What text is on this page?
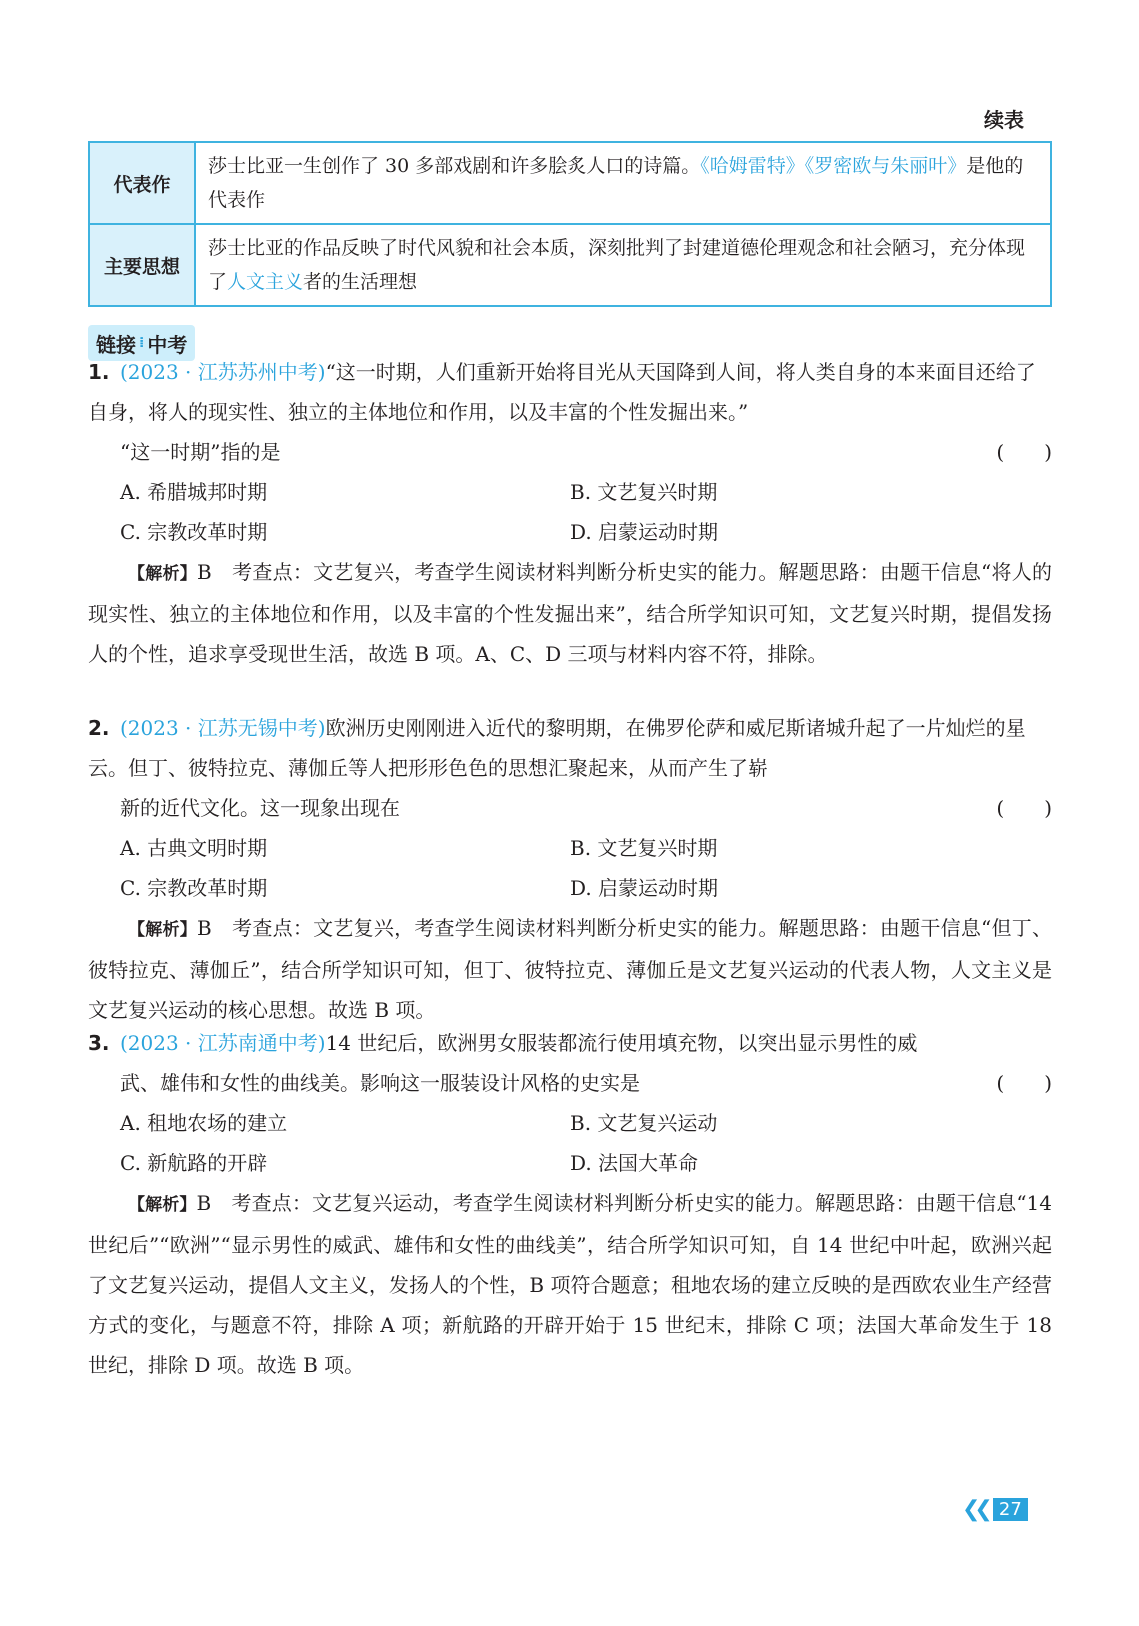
续表
代表作	莎士比亚一生创作了 30 多部戏剧和许多脍炙人口的诗篇。《哈姆雷特》《罗密欧与朱丽叶》是他的代表作
主要思想	莎士比亚的作品反映了时代风貌和社会本质，深刻批判了封建道德伦理观念和社会陋习，充分体现了人文主义者的生活理想
链接 ⁞ 中考
1. (2023 · 江苏苏州中考)“这一时期，人们重新开始将目光从天国降到人间，将人类自身的本来面目还给了自身，将人的现实性、独立的主体地位和作用，以及丰富的个性发掘出来。”
“这一时期”指的是	(　　)
A. 希腊城邦时期	B. 文艺复兴时期
C. 宗教改革时期	D. 启蒙运动时期
【解析】B　考查点：文艺复兴，考查学生阅读材料判断分析史实的能力。解题思路：由题干信息“将人的现实性、独立的主体地位和作用，以及丰富的个性发掘出来”，结合所学知识可知，文艺复兴时期，提倡发扬人的个性，追求享受现世生活，故选 B 项。A、C、D 三项与材料内容不符，排除。
2. (2023 · 江苏无锡中考)欧洲历史刚刚进入近代的黎明期，在佛罗伦萨和威尼斯诸城升起了一片灿烂的星云。但丁、彼特拉克、薄伽丘等人把形形色色的思想汇聚起来，从而产生了崭
新的近代文化。这一现象出现在	(　　)
A. 古典文明时期	B. 文艺复兴时期
C. 宗教改革时期	D. 启蒙运动时期
【解析】B　考查点：文艺复兴，考查学生阅读材料判断分析史实的能力。解题思路：由题干信息“但丁、彼特拉克、薄伽丘”，结合所学知识可知，但丁、彼特拉克、薄伽丘是文艺复兴运动的代表人物，人文主义是文艺复兴运动的核心思想。故选 B 项。
3. (2023 · 江苏南通中考)14 世纪后，欧洲男女服装都流行使用填充物，以突出显示男性的威
武、雄伟和女性的曲线美。影响这一服装设计风格的史实是	(　　)
A. 租地农场的建立	B. 文艺复兴运动
C. 新航路的开辟	D. 法国大革命
【解析】B　考查点：文艺复兴运动，考查学生阅读材料判断分析史实的能力。解题思路：由题干信息“14 世纪后”“欧洲”“显示男性的威武、雄伟和女性的曲线美”，结合所学知识可知，自 14 世纪中叶起，欧洲兴起了文艺复兴运动，提倡人文主义，发扬人的个性，B 项符合题意；租地农场的建立反映的是西欧农业生产经营方式的变化，与题意不符，排除 A 项；新航路的开辟开始于 15 世纪末，排除 C 项；法国大革命发生于 18 世纪，排除 D 项。故选 B 项。
❮❮ 27
